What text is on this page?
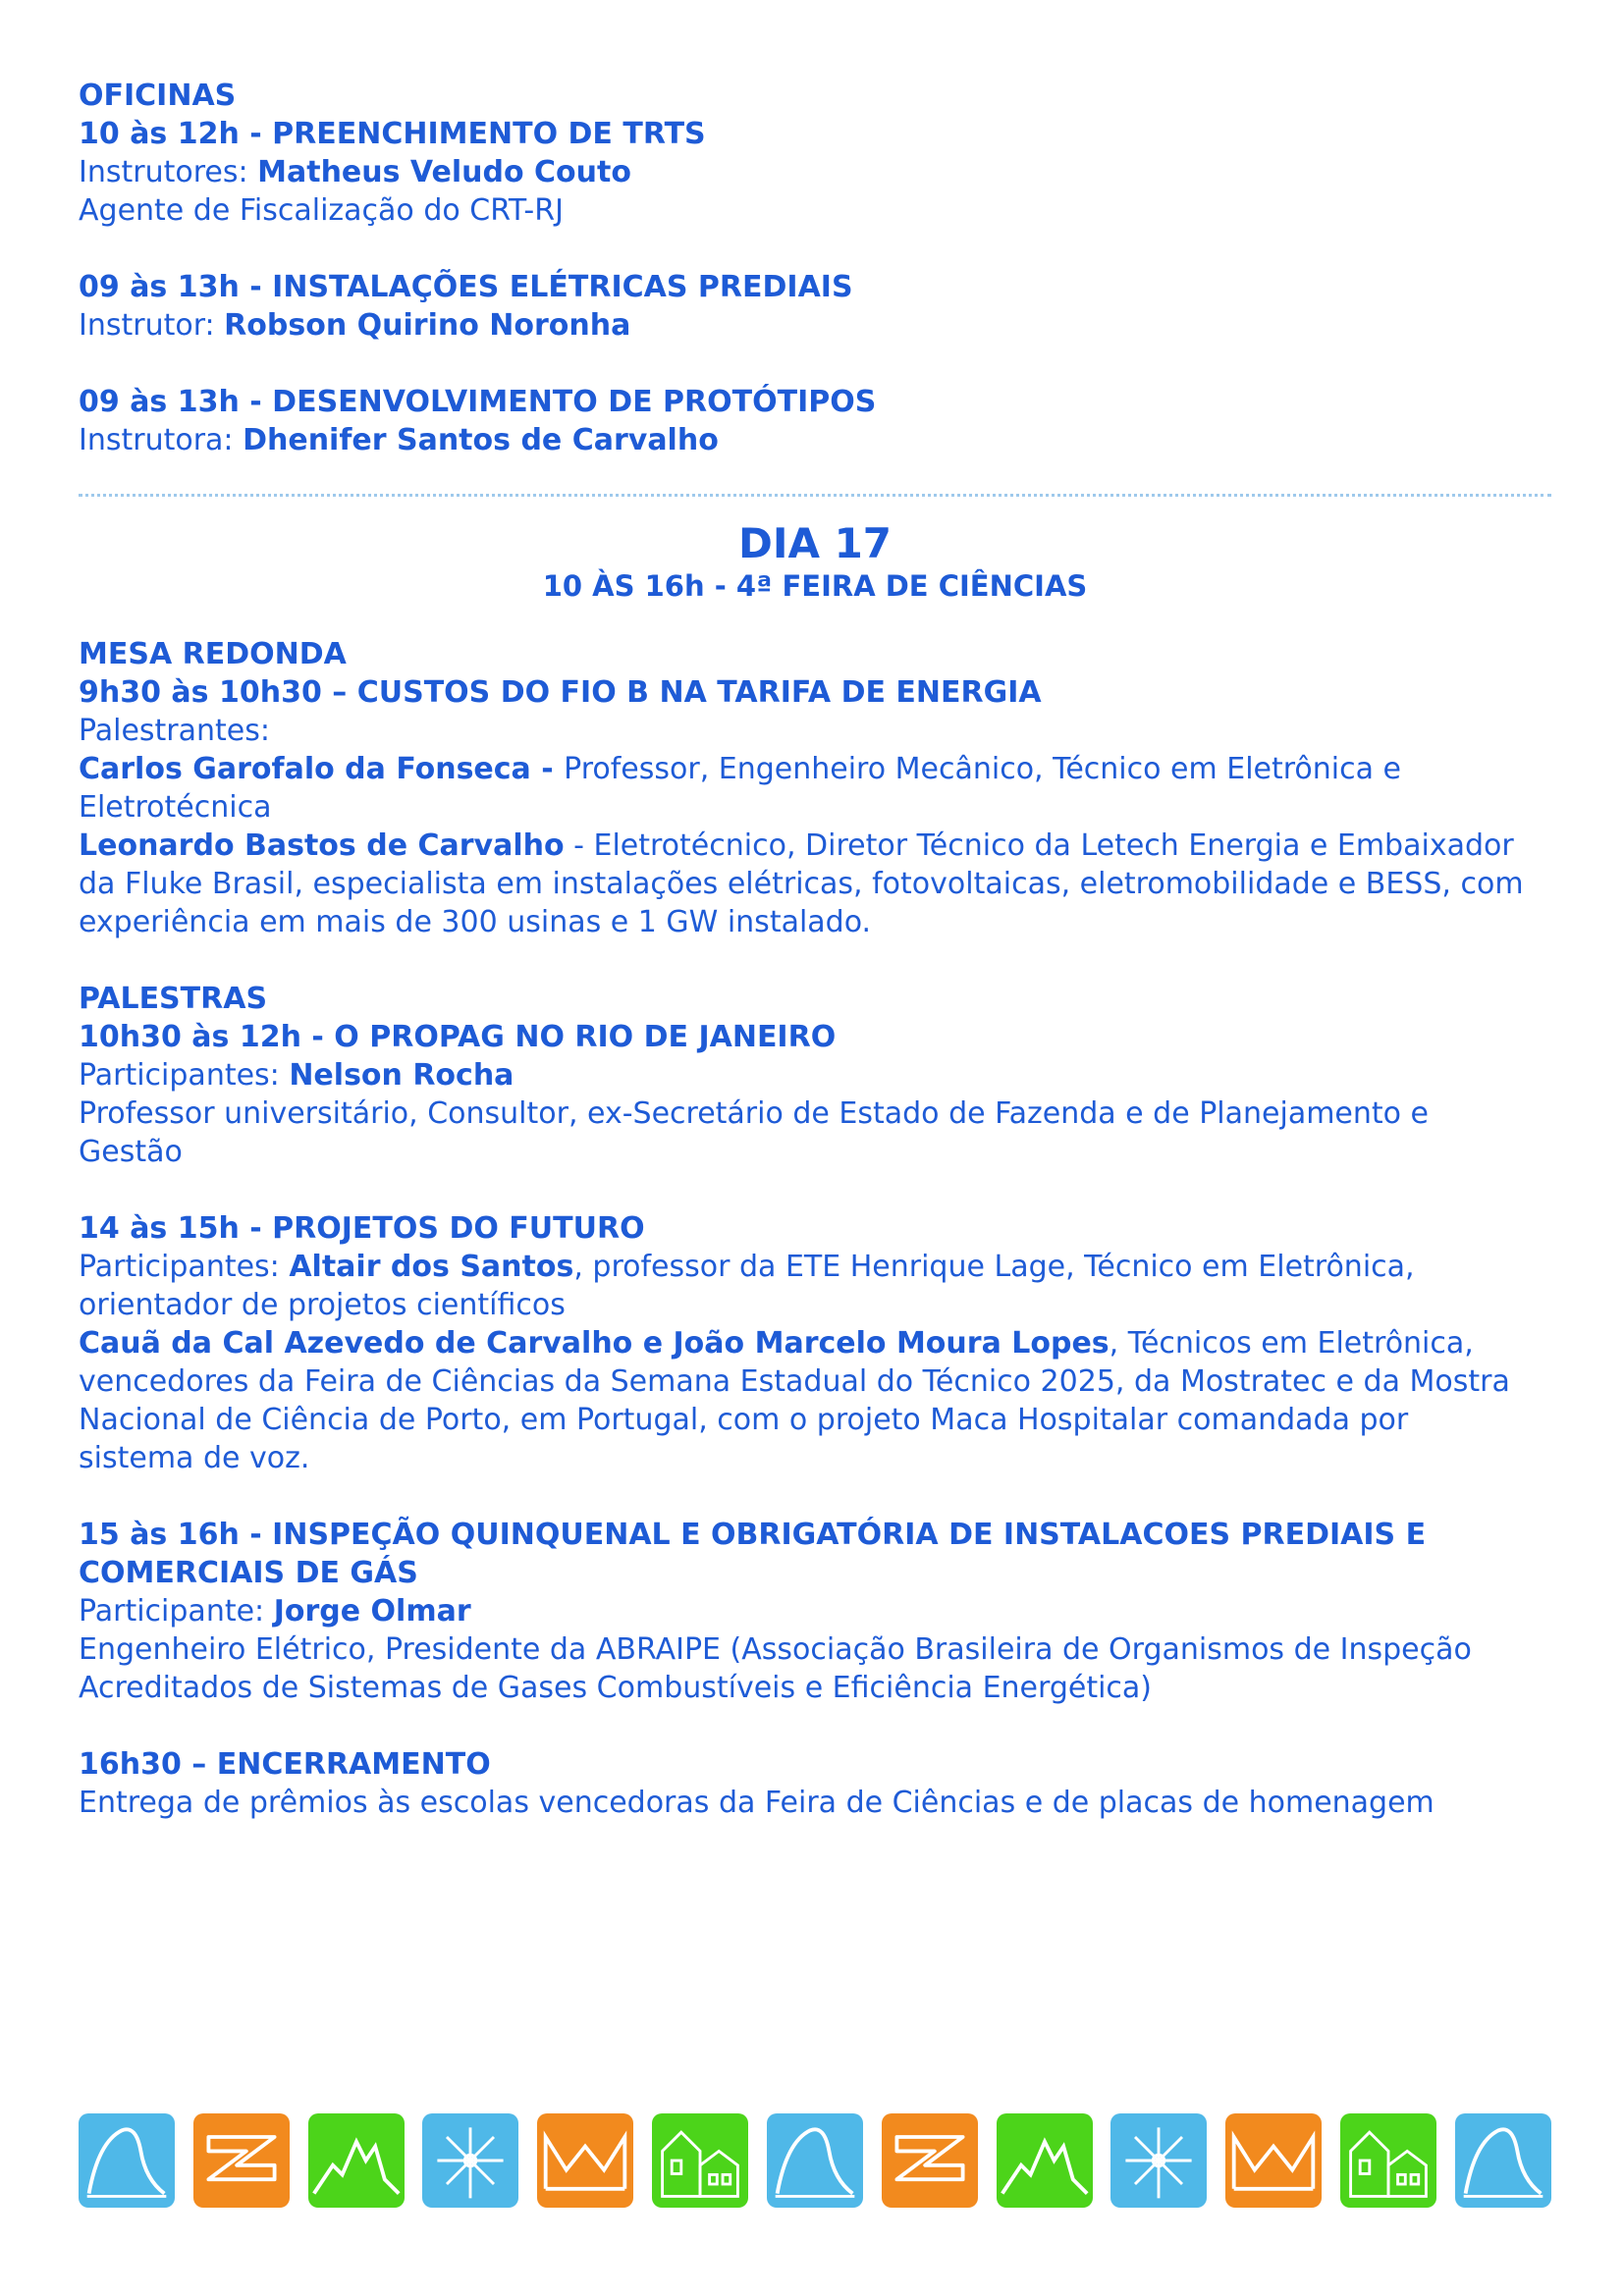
OFICINAS
10 às 12h - PREENCHIMENTO DE TRTS
Instrutores: Matheus Veludo Couto
Agente de Fiscalização do CRT-RJ
09 às 13h - INSTALAÇÕES ELÉTRICAS PREDIAIS
Instrutor: Robson Quirino Noronha
09 às 13h - DESENVOLVIMENTO DE PROTÓTIPOS
Instrutora: Dhenifer Santos de Carvalho
DIA 17
10 ÀS 16h - 4ª FEIRA DE CIÊNCIAS
MESA REDONDA
9h30 às 10h30 – CUSTOS DO FIO B NA TARIFA DE ENERGIA
Palestrantes:
Carlos Garofalo da Fonseca - Professor, Engenheiro Mecânico, Técnico em Eletrônica e
Eletrotécnica
Leonardo Bastos de Carvalho - Eletrotécnico, Diretor Técnico da Letech Energia e Embaixador
da Fluke Brasil, especialista em instalações elétricas, fotovoltaicas, eletromobilidade e BESS, com
experiência em mais de 300 usinas e 1 GW instalado.
PALESTRAS
10h30 às 12h - O PROPAG NO RIO DE JANEIRO
Participantes: Nelson Rocha
Professor universitário, Consultor, ex-Secretário de Estado de Fazenda e de Planejamento e
Gestão
14 às 15h - PROJETOS DO FUTURO
Participantes: Altair dos Santos, professor da ETE Henrique Lage, Técnico em Eletrônica,
orientador de projetos científicos
Cauã da Cal Azevedo de Carvalho e João Marcelo Moura Lopes, Técnicos em Eletrônica,
vencedores da Feira de Ciências da Semana Estadual do Técnico 2025, da Mostratec e da Mostra
Nacional de Ciência de Porto, em Portugal, com o projeto Maca Hospitalar comandada por
sistema de voz.
15 às 16h - INSPEÇÃO QUINQUENAL E OBRIGATÓRIA DE INSTALACOES PREDIAIS E
COMERCIAIS DE GÁS
Participante: Jorge Olmar
Engenheiro Elétrico, Presidente da ABRAIPE (Associação Brasileira de Organismos de Inspeção
Acreditados de Sistemas de Gases Combustíveis e Eficiência Energética)
16h30 – ENCERRAMENTO
Entrega de prêmios às escolas vencedoras da Feira de Ciências e de placas de homenagem
